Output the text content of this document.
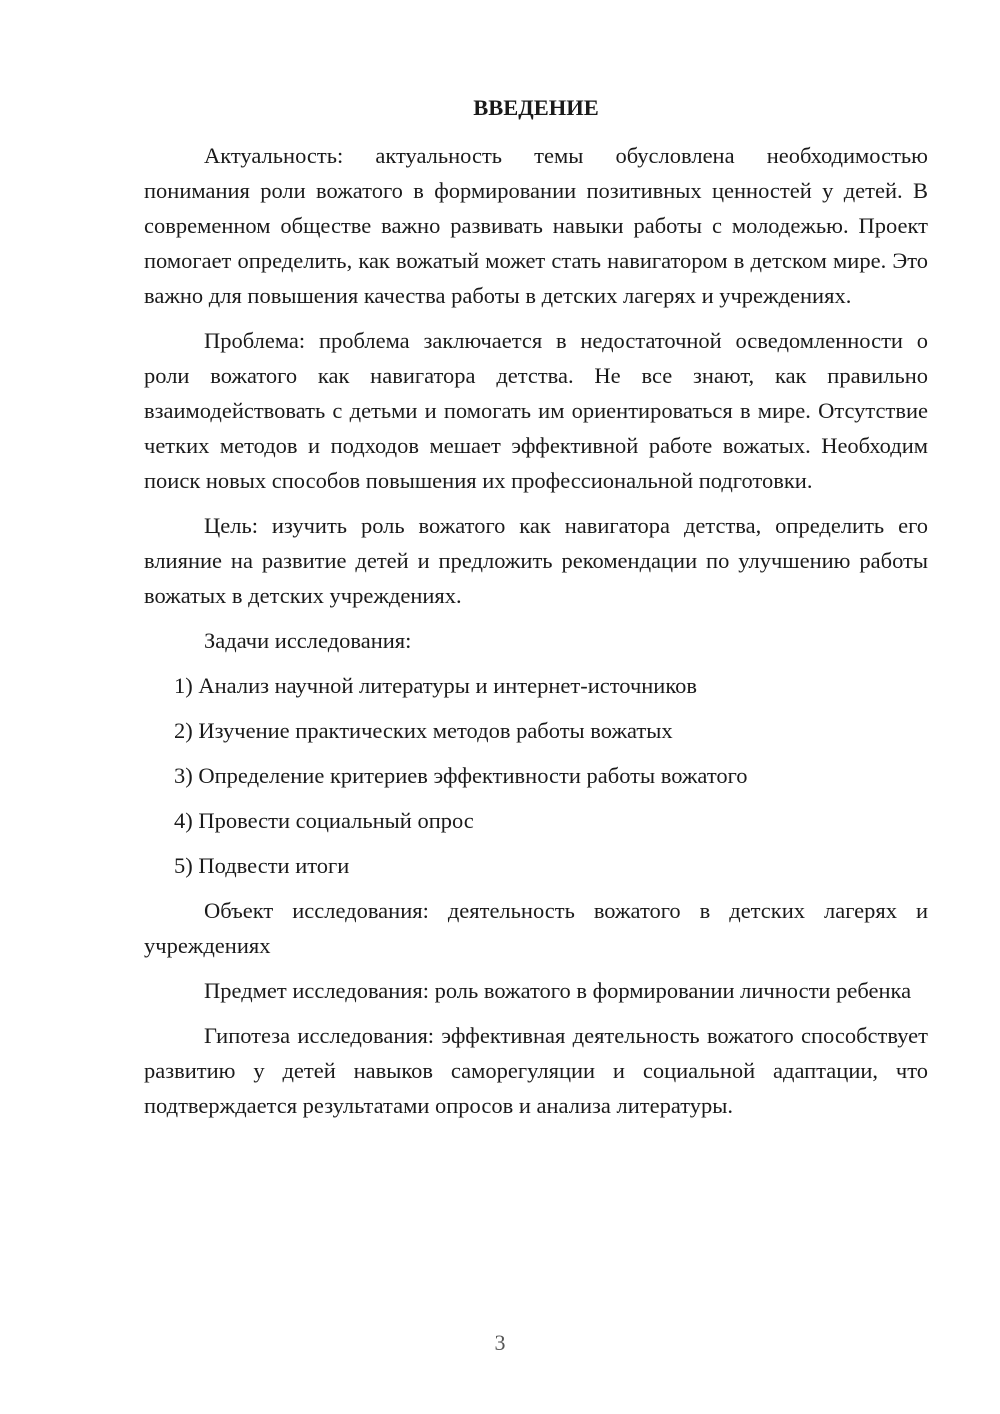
ВВЕДЕНИЕ

Актуальность: актуальность темы обусловлена необходимостью понимания роли вожатого в формировании позитивных ценностей у детей. В современном обществе важно развивать навыки работы с молодежью. Проект помогает определить, как вожатый может стать навигатором в детском мире. Это важно для повышения качества работы в детских лагерях и учреждениях.

Проблема: проблема заключается в недостаточной осведомленности о роли вожатого как навигатора детства. Не все знают, как правильно взаимодействовать с детьми и помогать им ориентироваться в мире. Отсутствие четких методов и подходов мешает эффективной работе вожатых. Необходим поиск новых способов повышения их профессиональной подготовки.

Цель: изучить роль вожатого как навигатора детства, определить его влияние на развитие детей и предложить рекомендации по улучшению работы вожатых в детских учреждениях.

Задачи исследования:

1) Анализ научной литературы и интернет-источников
2) Изучение практических методов работы вожатых
3) Определение критериев эффективности работы вожатого
4) Провести социальный опрос
5) Подвести итоги

Объект исследования: деятельность вожатого в детских лагерях и учреждениях

Предмет исследования: роль вожатого в формировании личности ребенка

Гипотеза исследования: эффективная деятельность вожатого способствует развитию у детей навыков саморегуляции и социальной адаптации, что подтверждается результатами опросов и анализа литературы.

3
